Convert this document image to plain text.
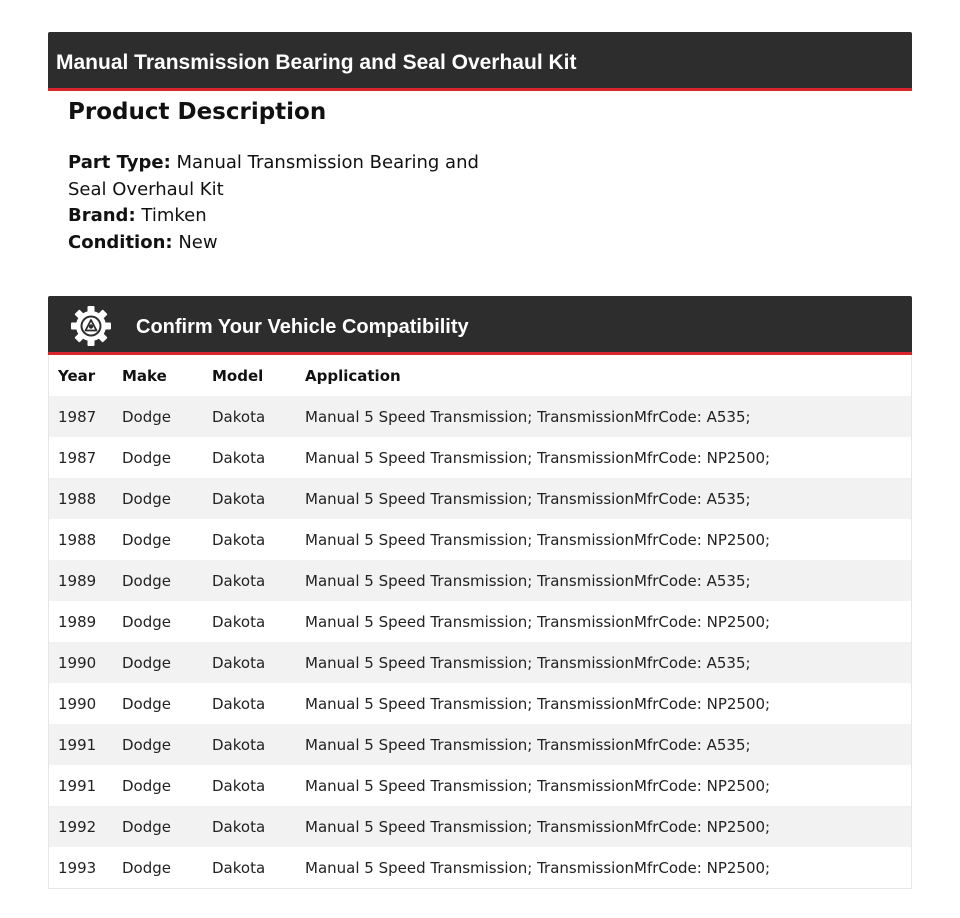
Manual Transmission Bearing and Seal Overhaul Kit
Product Description
Part Type: Manual Transmission Bearing and Seal Overhaul Kit
Brand: Timken
Condition: New
Confirm Your Vehicle Compatibility
Year	Make	Model	Application
1987	Dodge	Dakota	Manual 5 Speed Transmission; TransmissionMfrCode: A535;
1987	Dodge	Dakota	Manual 5 Speed Transmission; TransmissionMfrCode: NP2500;
1988	Dodge	Dakota	Manual 5 Speed Transmission; TransmissionMfrCode: A535;
1988	Dodge	Dakota	Manual 5 Speed Transmission; TransmissionMfrCode: NP2500;
1989	Dodge	Dakota	Manual 5 Speed Transmission; TransmissionMfrCode: A535;
1989	Dodge	Dakota	Manual 5 Speed Transmission; TransmissionMfrCode: NP2500;
1990	Dodge	Dakota	Manual 5 Speed Transmission; TransmissionMfrCode: A535;
1990	Dodge	Dakota	Manual 5 Speed Transmission; TransmissionMfrCode: NP2500;
1991	Dodge	Dakota	Manual 5 Speed Transmission; TransmissionMfrCode: A535;
1991	Dodge	Dakota	Manual 5 Speed Transmission; TransmissionMfrCode: NP2500;
1992	Dodge	Dakota	Manual 5 Speed Transmission; TransmissionMfrCode: NP2500;
1993	Dodge	Dakota	Manual 5 Speed Transmission; TransmissionMfrCode: NP2500;
